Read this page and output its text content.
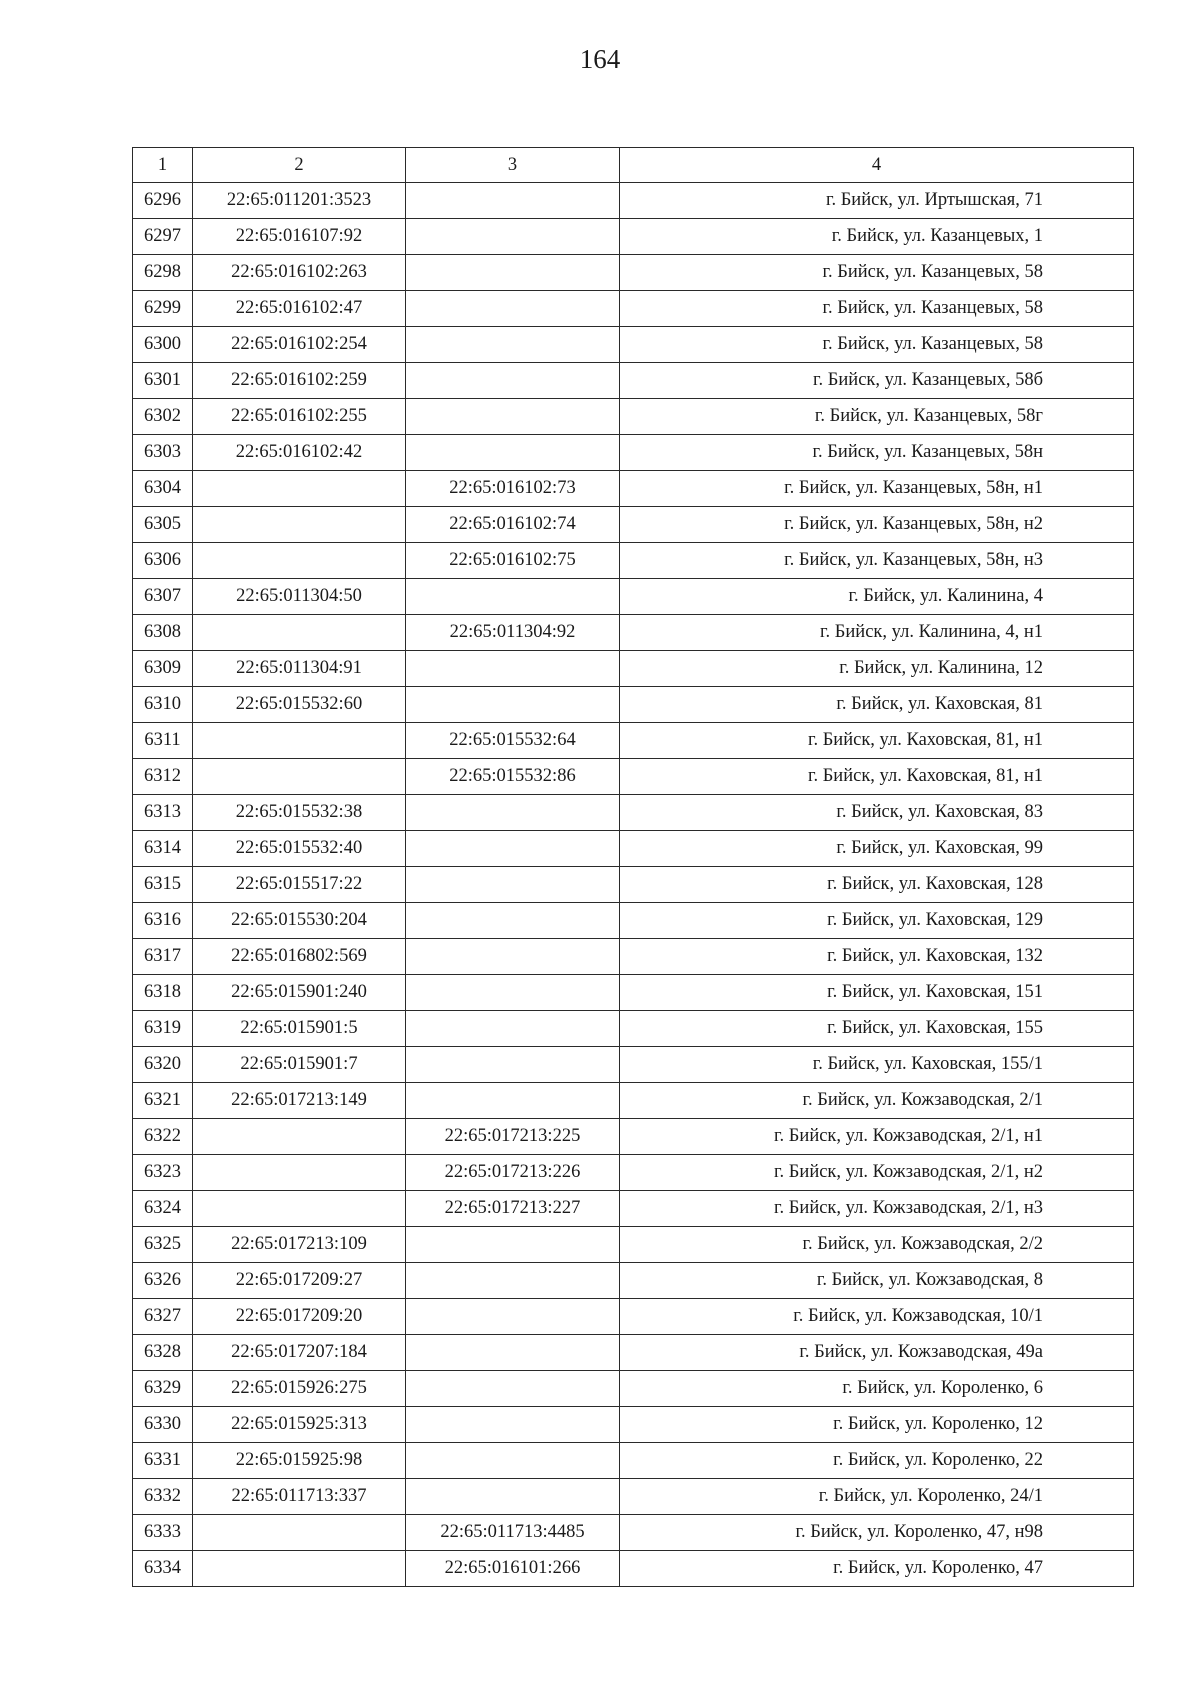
164
1	2	3	4
6296	22:65:011201:3523		г. Бийск, ул. Иртышская, 71
6297	22:65:016107:92		г. Бийск, ул. Казанцевых, 1
6298	22:65:016102:263		г. Бийск, ул. Казанцевых, 58
6299	22:65:016102:47		г. Бийск, ул. Казанцевых, 58
6300	22:65:016102:254		г. Бийск, ул. Казанцевых, 58
6301	22:65:016102:259		г. Бийск, ул. Казанцевых, 58б
6302	22:65:016102:255		г. Бийск, ул. Казанцевых, 58г
6303	22:65:016102:42		г. Бийск, ул. Казанцевых, 58н
6304		22:65:016102:73	г. Бийск, ул. Казанцевых, 58н, н1
6305		22:65:016102:74	г. Бийск, ул. Казанцевых, 58н, н2
6306		22:65:016102:75	г. Бийск, ул. Казанцевых, 58н, н3
6307	22:65:011304:50		г. Бийск, ул. Калинина, 4
6308		22:65:011304:92	г. Бийск, ул. Калинина, 4, н1
6309	22:65:011304:91		г. Бийск, ул. Калинина, 12
6310	22:65:015532:60		г. Бийск, ул. Каховская, 81
6311		22:65:015532:64	г. Бийск, ул. Каховская, 81, н1
6312		22:65:015532:86	г. Бийск, ул. Каховская, 81, н1
6313	22:65:015532:38		г. Бийск, ул. Каховская, 83
6314	22:65:015532:40		г. Бийск, ул. Каховская, 99
6315	22:65:015517:22		г. Бийск, ул. Каховская, 128
6316	22:65:015530:204		г. Бийск, ул. Каховская, 129
6317	22:65:016802:569		г. Бийск, ул. Каховская, 132
6318	22:65:015901:240		г. Бийск, ул. Каховская, 151
6319	22:65:015901:5		г. Бийск, ул. Каховская, 155
6320	22:65:015901:7		г. Бийск, ул. Каховская, 155/1
6321	22:65:017213:149		г. Бийск, ул. Кожзаводская, 2/1
6322		22:65:017213:225	г. Бийск, ул. Кожзаводская, 2/1, н1
6323		22:65:017213:226	г. Бийск, ул. Кожзаводская, 2/1, н2
6324		22:65:017213:227	г. Бийск, ул. Кожзаводская, 2/1, н3
6325	22:65:017213:109		г. Бийск, ул. Кожзаводская, 2/2
6326	22:65:017209:27		г. Бийск, ул. Кожзаводская, 8
6327	22:65:017209:20		г. Бийск, ул. Кожзаводская, 10/1
6328	22:65:017207:184		г. Бийск, ул. Кожзаводская, 49а
6329	22:65:015926:275		г. Бийск, ул. Короленко, 6
6330	22:65:015925:313		г. Бийск, ул. Короленко, 12
6331	22:65:015925:98		г. Бийск, ул. Короленко, 22
6332	22:65:011713:337		г. Бийск, ул. Короленко, 24/1
6333		22:65:011713:4485	г. Бийск, ул. Короленко, 47, н98
6334		22:65:016101:266	г. Бийск, ул. Короленко, 47
